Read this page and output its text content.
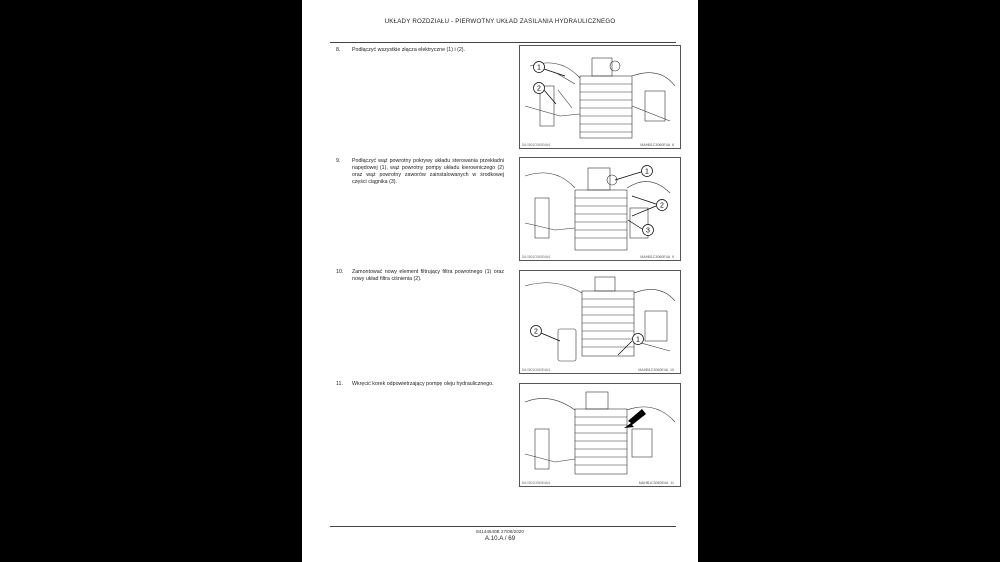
UKŁADY ROZDZIAŁU - PIERWOTNY UKŁAD ZASILANIA HYDRAULICZNEGO
8. Podłączyć wszystkie złącza elektryczne (1) i (2).
1
2
DA 0001C060E4A/1	MAHB1C3060E4A 8
9. Podłączyć wąż powrotny pokrywy układu sterowania przekładni napędowej (1), wąż powrotny pompy układu kierowniczego (2) oraz wąż powrotny zaworów zainstalowanych w środkowej części ciągnika (3).
1
2
3
DA 0001C060E4A/1	MAHB1C3060E4A 9
10. Zamontować nowy element filtrujący filtra powrotnego (1) oraz nowy układ filtra ciśnienia (2).
2
1
DA 0001C060E4A/1	MAHB1C3060E4A 10
11. Wkręcić korek odpowietrzający pompę oleju hydraulicznego.
DA 0001C060E4A/1	MAHB1C3060E4A 11
84144540B 27/08/2020
A.10.A / 69
